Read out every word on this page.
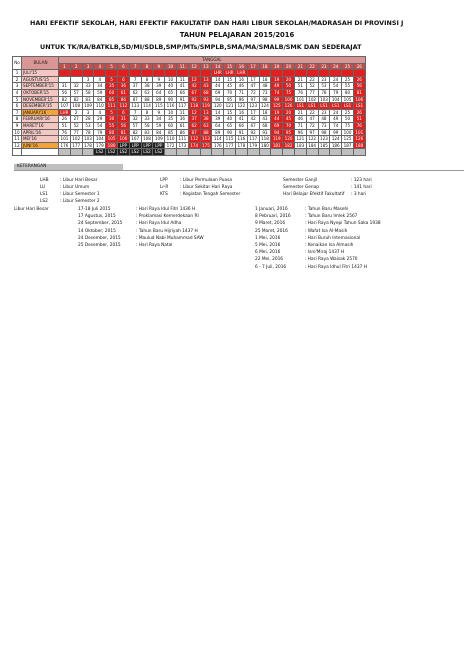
HARI EFEKTIF SEKOLAH, HARI EFEKTIF FAKULTATIF DAN HARI LIBUR SEKOLAH/MADRASAH DI PROVINSI J
TAHUN PELAJARAN 2015/2016
UNTUK TK/RA/BATKLB,SD/MI/SDLB,SMP/MTs/SMPLB,SMA/MA/SMALB/SMK DAN SEDERAJAT
No	BULAN	TANGGAL																									
		1	2	3	4	5	6	7	8	9	10	11	12	13	14	15	16	17	18	19	20	21	22	23	24	25	26
1	JULI'15														LHR	LHR	LHR										
2	AGUSTUS'15			3	4	5	6	7	8	9	10	11	12	13	14	15	16	17	18	19	20	21	22	23	24	25	26
3	SEPTEMBER'15	31	32	33	34	35	36	37	38	39	40	41	42	43	44	45	46	47	48	49	50	51	52	53	54	55	56
4	OKTOBER'15	56	57	58	59	60	61	62	63	64	65	66	67	68	69	70	71	72	73	74	75	76	77	78	79	80	81
5	NOVEMBER'15	82	82	83	84	85	86	87	88	89	90	91	92	93	94	95	96	97	98	99	100	101	102	103	104	105	106
6	DESEMBER'15	107	108	109	110	111	112	113	114	115	116	117	118	119	120	121	122	123	124	125	126	LS1	LS1	LS1	LS1	LS1	LS1
7	JANUARI'16	LHR	2	3	4	5	6	7	8	9	10	11	12	13	14	15	16	17	18	19	20	21	22	23	24	25	26
8	FEBRUARI'16	26	27	28	29	30	31	32	33	34	35	36	37	38	39	40	41	42	43	44	45	46	47	48	49	50	51
9	MARET'16	51	52	53	54	55	56	57	58	59	60	61	62	63	64	65	66	67	68	69	70	71	72	73	74	75	76
10	APRIL'16	76	77	78	79	80	81	82	83	84	85	86	87	88	89	90	91	92	93	94	95	96	97	98	99	100	101
11	MEI'16	101	102	103	104	105	106	107	108	109	110	111	112	113	114	115	116	117	118	119	120	121	122	123	124	125	126
12	JUNI'16	176	177	178	179	180	LPP	LPP	LPP	LPP	172	173	174	175	176	177	178	179	180	181	182	183	184	185	186	187	188
					LS2	LS2	LS2	LS2	LS2	LS2																	
KETERANGAN
LHB	: Libur Hari Besar
LU	: Libur Umum
LS1	: Libur Semester 1
LS2	: Libur Semester 2
LPP	: Libur Permulaan Puasa
Lr-R	: Libur Sekitar Hari Raya
KTS	: Kegiatan Tengah Semester
Semester Ganjil	: 123 hari
Semester Genap	: 141 hari
Hari Belajar Efektif Fakultatif : 3 hari
Libur Hari Besar	17-18 Juli 2015	: Hari Raya Idul Fitri 1436 H
17 Agustus, 2015	: Proklamasi Kemerdekaan RI
24 September, 2015	: Hari Raya Idul Adha
14 Oktober, 2015	: Tahun Baru Hijriyah 1437 H
24 Desember, 2015	: Maulud Nabi Muhammad SAW
25 Desember, 2015	: Hari Raya Natal
1 Januari, 2016	: Tahun Baru Masehi
8 Pebruari, 2016	: Tahun Baru Imlek 2567
9 Maret, 2016	: Hari Raya Nyepi Tahun Saka 1938
25 Maret, 2016	: Wafat Isa Al-Masih
1 Mei, 2016	: Hari Buruh Internasional
5 Mei, 2016	: Kenaikan Isa Almasih
6 Mei, 2016	: Isro'Miraj 1437 H
22 Mei, 2016	: Hari Raya Waisak 2570
6 - 7 Juli, 2016	: Hari Raya Idhul Fitri 1437 H
